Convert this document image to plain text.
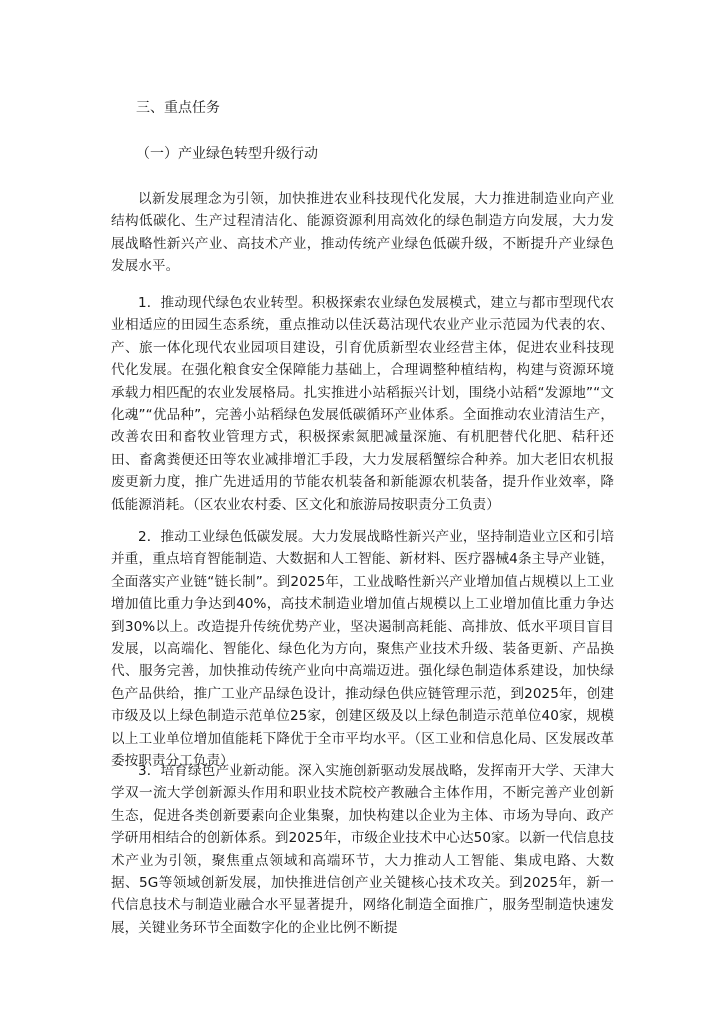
三、重点任务
（一）产业绿色转型升级行动

以新发展理念为引领，加快推进农业科技现代化发展，大力推进制造业向产业结构低碳化、生产过程清洁化、能源资源利用高效化的绿色制造方向发展，大力发展战略性新兴产业、高技术产业，推动传统产业绿色低碳升级，不断提升产业绿色发展水平。

1．推动现代绿色农业转型。积极探索农业绿色发展模式，建立与都市型现代农业相适应的田园生态系统，重点推动以佳沃葛沽现代农业产业示范园为代表的农、产、旅一体化现代农业园项目建设，引育优质新型农业经营主体，促进农业科技现代化发展。在强化粮食安全保障能力基础上，合理调整种植结构，构建与资源环境承载力相匹配的农业发展格局。扎实推进小站稻振兴计划，围绕小站稻“发源地”“文化魂”“优品种”，完善小站稻绿色发展低碳循环产业体系。全面推动农业清洁生产，改善农田和畜牧业管理方式，积极探索氮肥减量深施、有机肥替代化肥、秸秆还田、畜禽粪便还田等农业减排增汇手段，大力发展稻蟹综合种养。加大老旧农机报废更新力度，推广先进适用的节能农机装备和新能源农机装备，提升作业效率，降低能源消耗。（区农业农村委、区文化和旅游局按职责分工负责）

2．推动工业绿色低碳发展。大力发展战略性新兴产业，坚持制造业立区和引培并重，重点培育智能制造、大数据和人工智能、新材料、医疗器械4条主导产业链，全面落实产业链“链长制”。到2025年，工业战略性新兴产业增加值占规模以上工业增加值比重力争达到40%，高技术制造业增加值占规模以上工业增加值比重力争达到30%以上。改造提升传统优势产业，坚决遏制高耗能、高排放、低水平项目盲目发展，以高端化、智能化、绿色化为方向，聚焦产业技术升级、装备更新、产品换代、服务完善，加快推动传统产业向中高端迈进。强化绿色制造体系建设，加快绿色产品供给，推广工业产品绿色设计，推动绿色供应链管理示范，到2025年，创建市级及以上绿色制造示范单位25家，创建区级及以上绿色制造示范单位40家，规模以上工业单位增加值能耗下降优于全市平均水平。（区工业和信息化局、区发展改革委按职责分工负责）

3．培育绿色产业新动能。深入实施创新驱动发展战略，发挥南开大学、天津大学双一流大学创新源头作用和职业技术院校产教融合主体作用，不断完善产业创新生态，促进各类创新要素向企业集聚，加快构建以企业为主体、市场为导向、政产学研用相结合的创新体系。到2025年，市级企业技术中心达50家。以新一代信息技术产业为引领，聚焦重点领域和高端环节，大力推动人工智能、集成电路、大数据、5G等领域创新发展，加快推进信创产业关键核心技术攻关。到2025年，新一代信息技术与制造业融合水平显著提升，网络化制造全面推广，服务型制造快速发展，关键业务环节全面数字化的企业比例不断提
